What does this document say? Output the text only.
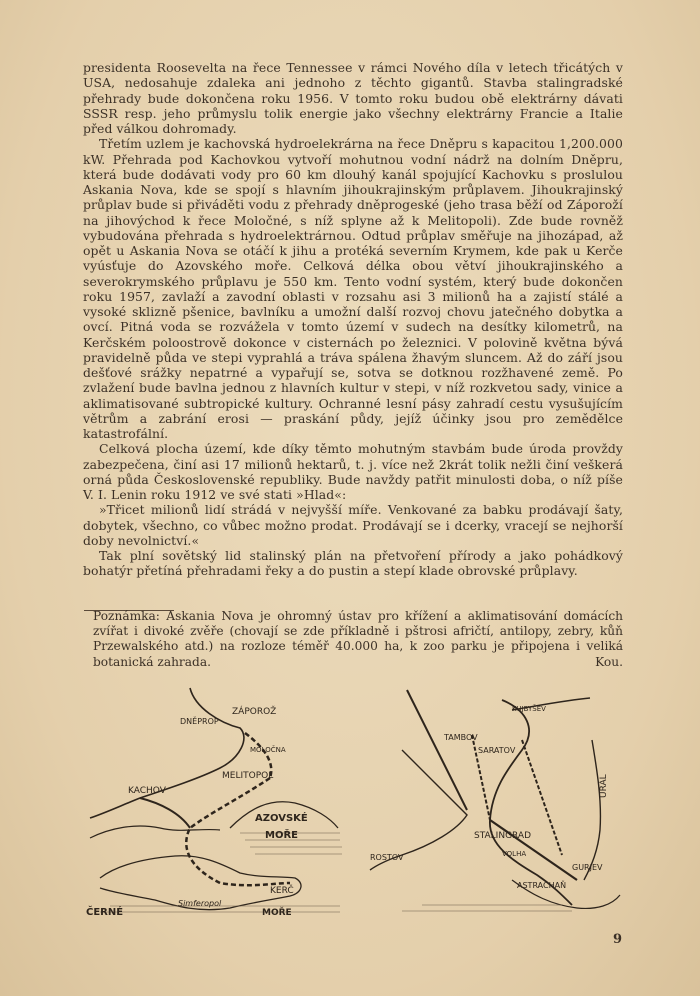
presidenta Roosevelta na řece Tennessee v rámci Nového díla v letech třicátých v USA, nedosahuje zdaleka ani jednoho z těchto gigantů. Stavba stalingradské přehrady bude dokončena roku 1956. V tomto roku budou obě elektrárny dávati SSSR resp. jeho průmyslu tolik energie jako všechny elektrárny Francie a Italie před válkou dohromady.

Třetím uzlem je kachovská hydroelekrárna na řece Dněpru s kapacitou 1,200.000 kW. Přehrada pod Kachovkou vytvoří mohutnou vodní nádrž na dolním Dněpru, která bude dodávati vody pro 60 km dlouhý kanál spojující Kachovku s proslulou Askania Nova, kde se spojí s hlavním jihoukrajinským průplavem. Jihoukrajinský průplav bude si přiváděti vodu z přehrady dněprogeské (jeho trasa běží od Záporoží na jihovýchod k řece Moločné, s níž splyne až k Melitopoli). Zde bude rovněž vybudována přehrada s hydroelektrárnou. Odtud průplav směřuje na jihozápad, až opět u Askania Nova se otáčí k jihu a protéká severním Krymem, kde pak u Kerče vyúsťuje do Azovského moře. Celková délka obou větví jihoukrajinského a severokrymského průplavu je 550 km. Tento vodní systém, který bude dokončen roku 1957, zavlaží a zavodní oblasti v rozsahu asi 3 milionů ha a zajistí stálé a vysoké sklizně pšenice, bavlníku a umožní další rozvoj chovu jatečného dobytka a ovcí. Pitná voda se rozvážela v tomto území v sudech na desítky kilometrů, na Kerčském poloostrově dokonce v cisternách po železnici. V polovině května bývá pravidelně půda ve stepi vyprahlá a tráva spálena žhavým sluncem. Až do září jsou dešťové srážky nepatrné a vypařují se, sotva se dotknou rozžhavené země. Po zvlažení bude bavlna jednou z hlavních kultur v stepi, v níž rozkvetou sady, vinice a aklimatisované subtropické kultury. Ochranné lesní pásy zahradí cestu vysušujícím větrům a zabrání erosi — praskání půdy, jejíž účinky jsou pro zemědělce katastrofální.

Celková plocha území, kde díky těmto mohutným stavbám bude úroda provždy zabezpečena, činí asi 17 milionů hektarů, t. j. více než 2krát tolik nežli činí veškerá orná půda Československé republiky. Bude navždy patřit minulosti doba, o níž píše V. I. Lenin roku 1912 ve své stati »Hlad«:

»Třicet milionů lidí strádá v nejvyšší míře. Venkované za babku prodávají šaty, dobytek, všechno, co vůbec možno prodat. Prodávají se i dcerky, vracejí se nejhorší doby nevolnictví.«

Tak plní sovětský lid stalinský plán na přetvoření přírody a jako pohádkový bohatýr přetíná přehradami řeky a do pustin a stepí klade obrovské průplavy.

Poznámka: Askania Nova je ohromný ústav pro křížení a aklimatisování domácích zvířat i divoké zvěře (chovají se zde příkladně i pštrosi afričtí, antilopy, zebry, kůň Przewalského atd.) na rozloze téměř 40.000 ha, k zoo parku je připojena i veliká botanická zahrada.	Kou.
ZÁPOROŽ
DNĚPROP
MOLOČNA
KACHOV
MELITOPOL
AZOVSKÉ
MOŘE
KERČ
Simferopol
ČERNÉ	MOŘE
KUJBYŠEV
TAMBOV
SARATOV
STALINGRAD
ROSTOV	VOLHA
URAL
GURJEV
ASTRACHAŇ
9
